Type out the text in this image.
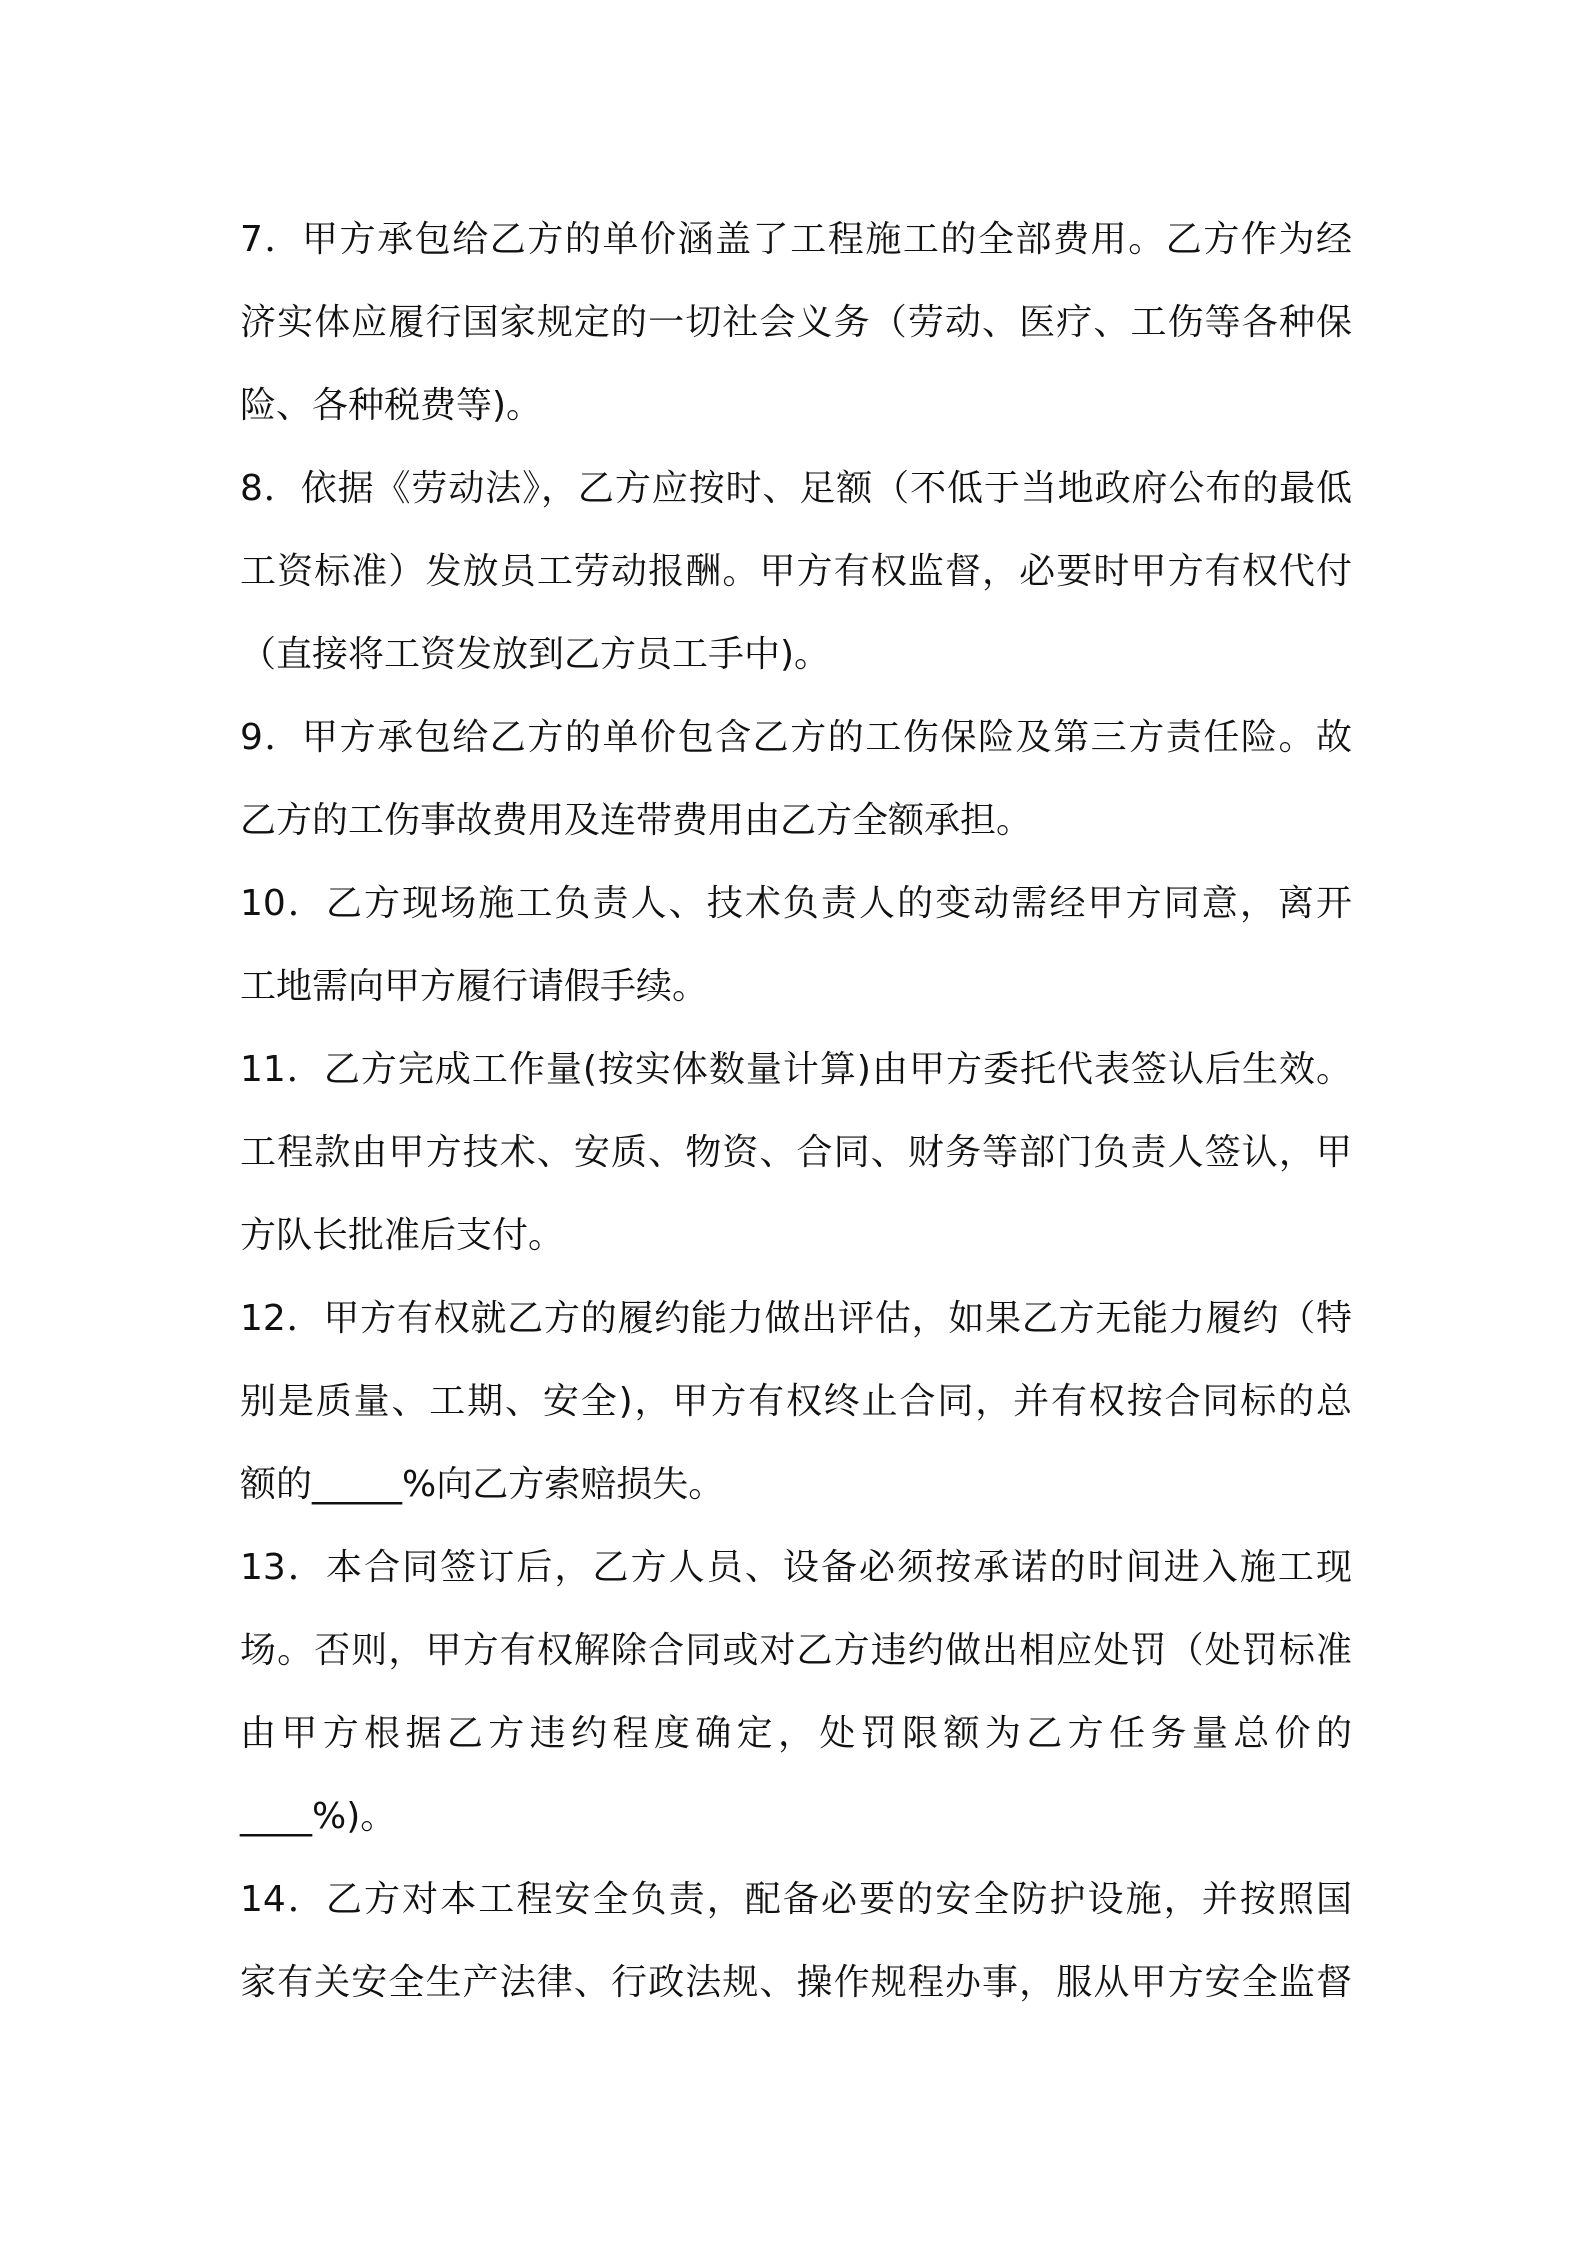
7．甲方承包给乙方的单价涵盖了工程施工的全部费用。乙方作为经
济实体应履行国家规定的一切社会义务（劳动、医疗、工伤等各种保
险、各种税费等)。
8．依据《劳动法》，乙方应按时、足额（不低于当地政府公布的最低
工资标准）发放员工劳动报酬。甲方有权监督，必要时甲方有权代付
（直接将工资发放到乙方员工手中)。
9．甲方承包给乙方的单价包含乙方的工伤保险及第三方责任险。故
乙方的工伤事故费用及连带费用由乙方全额承担。
10．乙方现场施工负责人、技术负责人的变动需经甲方同意，离开
工地需向甲方履行请假手续。
11．乙方完成工作量(按实体数量计算)由甲方委托代表签认后生效。
工程款由甲方技术、安质、物资、合同、财务等部门负责人签认，甲
方队长批准后支付。
12．甲方有权就乙方的履约能力做出评估，如果乙方无能力履约（特
别是质量、工期、安全)，甲方有权终止合同，并有权按合同标的总
额的_____%向乙方索赔损失。
13．本合同签订后，乙方人员、设备必须按承诺的时间进入施工现
场。否则，甲方有权解除合同或对乙方违约做出相应处罚（处罚标准
由甲方根据乙方违约程度确定，处罚限额为乙方任务量总价的
____%)。
14．乙方对本工程安全负责，配备必要的安全防护设施，并按照国
家有关安全生产法律、行政法规、操作规程办事，服从甲方安全监督
